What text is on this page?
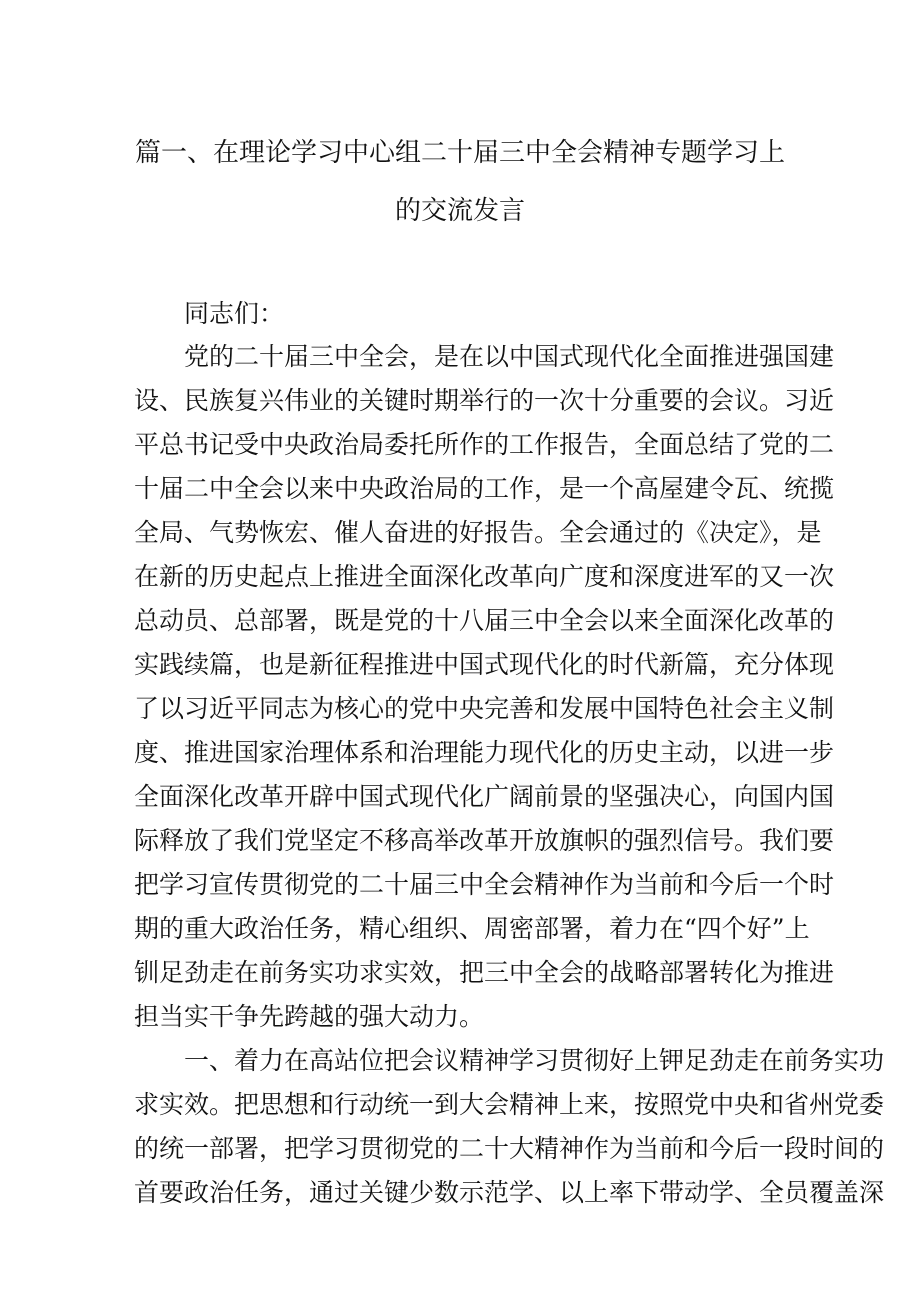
篇一、在理论学习中心组二十届三中全会精神专题学习上
的交流发言
同志们：
党的二十届三中全会，是在以中国式现代化全面推进强国建
设、民族复兴伟业的关键时期举行的一次十分重要的会议。习近
平总书记受中央政治局委托所作的工作报告，全面总结了党的二
十届二中全会以来中央政治局的工作，是一个高屋建令瓦、统揽
全局、气势恢宏、催人奋进的好报告。全会通过的《决定》，是
在新的历史起点上推进全面深化改革向广度和深度进军的又一次
总动员、总部署，既是党的十八届三中全会以来全面深化改革的
实践续篇，也是新征程推进中国式现代化的时代新篇，充分体现
了以习近平同志为核心的党中央完善和发展中国特色社会主义制
度、推进国家治理体系和治理能力现代化的历史主动，以进一步
全面深化改革开辟中国式现代化广阔前景的坚强决心，向国内国
际释放了我们党坚定不移高举改革开放旗帜的强烈信号。我们要
把学习宣传贯彻党的二十届三中全会精神作为当前和今后一个时
期的重大政治任务，精心组织、周密部署，着力在“四个好”上
钏足劲走在前务实功求实效，把三中全会的战略部署转化为推进
担当实干争先跨越的强大动力。
一、着力在高站位把会议精神学习贯彻好上钾足劲走在前务实功
求实效。把思想和行动统一到大会精神上来，按照党中央和省州党委
的统一部署，把学习贯彻党的二十大精神作为当前和今后一段时间的
首要政治任务，通过关键少数示范学、以上率下带动学、全员覆盖深
